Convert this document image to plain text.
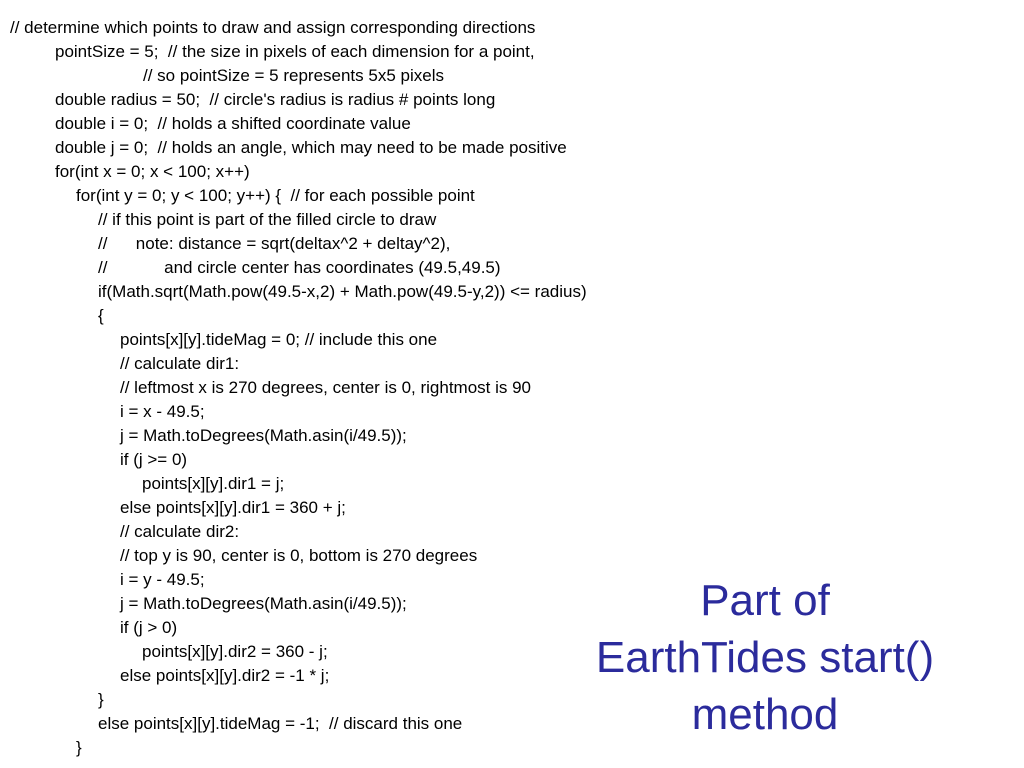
// determine which points to draw and assign corresponding directions
pointSize = 5;  // the size in pixels of each dimension for a point,
// so pointSize = 5 represents 5x5 pixels
double radius = 50;  // circle's radius is radius # points long
double i = 0;  // holds a shifted coordinate value
double j = 0;  // holds an angle, which may need to be made positive
for(int x = 0; x < 100; x++)
for(int y = 0; y < 100; y++) {  // for each possible point
// if this point is part of the filled circle to draw
//      note: distance = sqrt(deltax^2 + deltay^2),
//            and circle center has coordinates (49.5,49.5)
if(Math.sqrt(Math.pow(49.5-x,2) + Math.pow(49.5-y,2)) <= radius)
{
points[x][y].tideMag = 0; // include this one
// calculate dir1:
// leftmost x is 270 degrees, center is 0, rightmost is 90
i = x - 49.5;
j = Math.toDegrees(Math.asin(i/49.5));
if (j >= 0)
points[x][y].dir1 = j;
else points[x][y].dir1 = 360 + j;
// calculate dir2:
// top y is 90, center is 0, bottom is 270 degrees
i = y - 49.5;
j = Math.toDegrees(Math.asin(i/49.5));
if (j > 0)
points[x][y].dir2 = 360 - j;
else points[x][y].dir2 = -1 * j;
}
else points[x][y].tideMag = -1;  // discard this one
}
Part of
EarthTides start()
method
